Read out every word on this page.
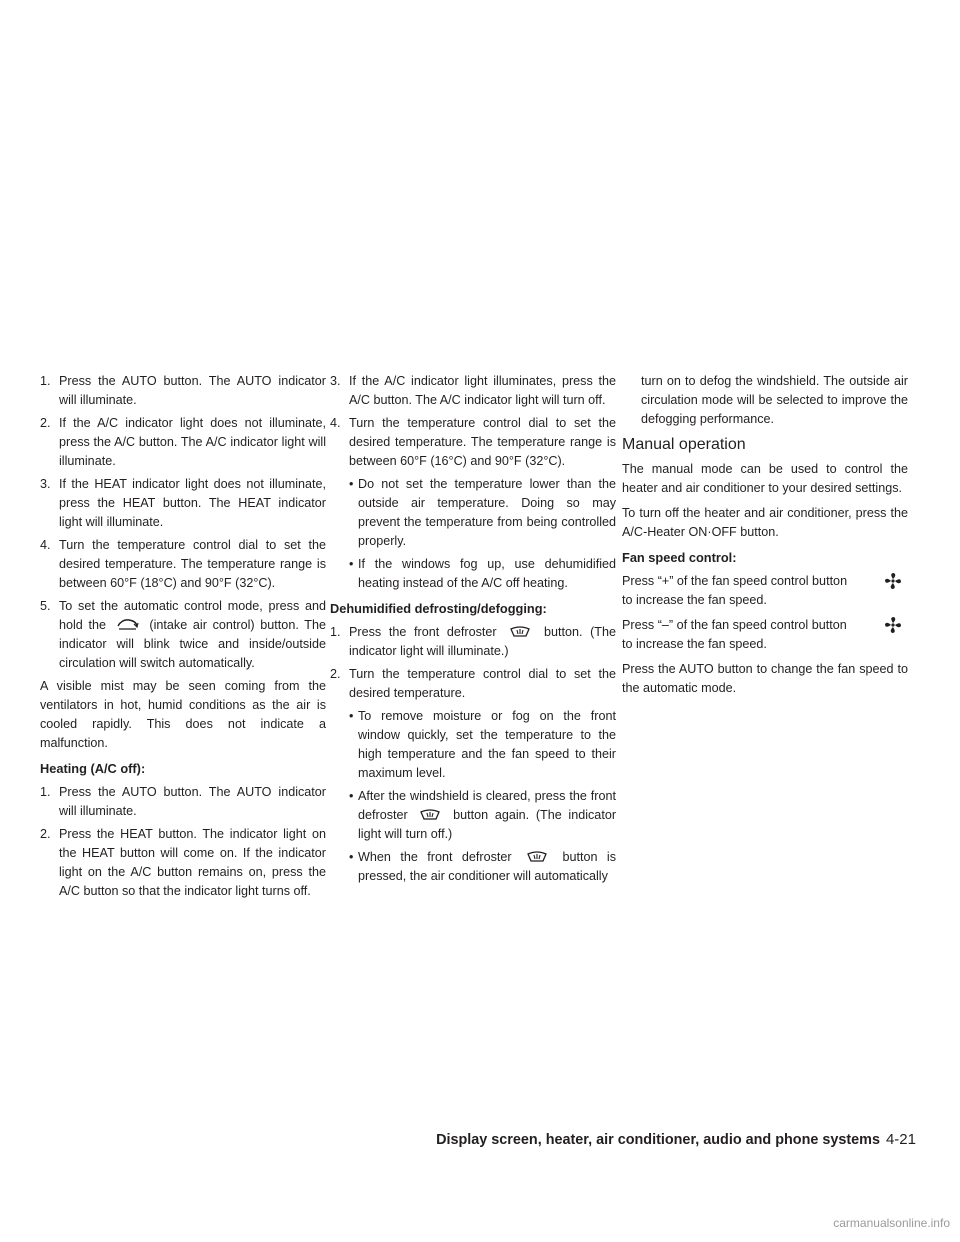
1. Press the AUTO button. The AUTO indicator will illuminate.
2. If the A/C indicator light does not illuminate, press the A/C button. The A/C indicator light will illuminate.
3. If the HEAT indicator light does not illuminate, press the HEAT button. The HEAT indicator light will illuminate.
4. Turn the temperature control dial to set the desired temperature. The temperature range is between 60°F (18°C) and 90°F (32°C).
5. To set the automatic control mode, press and hold the	(intake air control) button. The indicator will blink twice and inside/outside circulation will switch automatically.

A visible mist may be seen coming from the ventilators in hot, humid conditions as the air is cooled rapidly. This does not indicate a malfunction.

Heating (A/C off):
1. Press the AUTO button. The AUTO indicator will illuminate.
2. Press the HEAT button. The indicator light on the HEAT button will come on. If the indicator light on the A/C button remains on, press the A/C button so that the indicator light turns off.
3. If the A/C indicator light illuminates, press the A/C button. The A/C indicator light will turn off.
4. Turn the temperature control dial to set the desired temperature. The temperature range is between 60°F (16°C) and 90°F (32°C).
• Do not set the temperature lower than the outside air temperature. Doing so may prevent the temperature from being controlled properly.
• If the windows fog up, use dehumidified heating instead of the A/C off heating.
Dehumidified defrosting/defogging:
1. Press the front defroster	button. (The indicator light will illuminate.)
2. Turn the temperature control dial to set the desired temperature.
• To remove moisture or fog on the front window quickly, set the temperature to the high temperature and the fan speed to their maximum level.
• After the windshield is cleared, press the front defroster	button again. (The indicator light will turn off.)
• When the front defroster	button is pressed, the air conditioner will automatically

turn on to defog the windshield. The outside air circulation mode will be selected to improve the defogging performance.

Manual operation

The manual mode can be used to control the heater and air conditioner to your desired settings.

To turn off the heater and air conditioner, press the A/C-Heater ON·OFF button.

Fan speed control:

Press “+” of the fan speed control button
to increase the fan speed.

Press “–” of the fan speed control button
to increase the fan speed.

Press the AUTO button to change the fan speed to the automatic mode.

Display screen, heater, air conditioner, audio and phone systems 4-21
carmanualsonline.info
